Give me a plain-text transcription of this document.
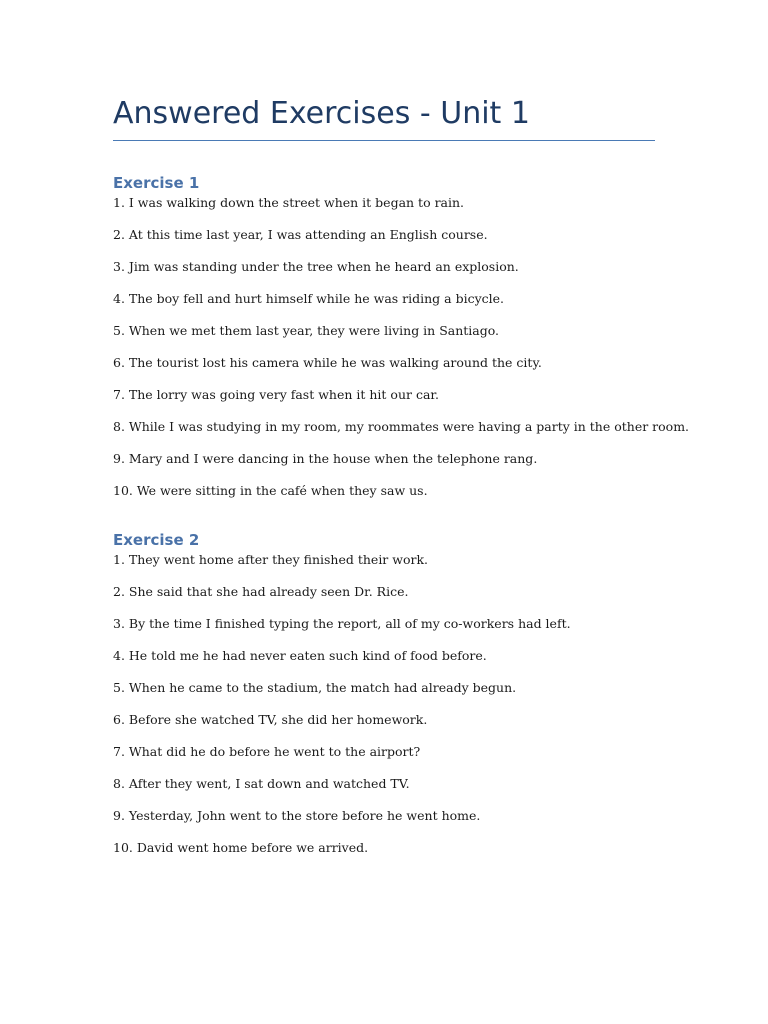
Answered Exercises - Unit 1
Exercise 1
1. I was walking down the street when it began to rain.
2. At this time last year, I was attending an English course.
3. Jim was standing under the tree when he heard an explosion.
4. The boy fell and hurt himself while he was riding a bicycle.
5. When we met them last year, they were living in Santiago.
6. The tourist lost his camera while he was walking around the city.
7. The lorry was going very fast when it hit our car.
8. While I was studying in my room, my roommates were having a party in the other room.
9. Mary and I were dancing in the house when the telephone rang.
10. We were sitting in the café when they saw us.
Exercise 2
1. They went home after they finished their work.
2. She said that she had already seen Dr. Rice.
3. By the time I finished typing the report, all of my co-workers had left.
4. He told me he had never eaten such kind of food before.
5. When he came to the stadium, the match had already begun.
6. Before she watched TV, she did her homework.
7. What did he do before he went to the airport?
8. After they went, I sat down and watched TV.
9. Yesterday, John went to the store before he went home.
10. David went home before we arrived.
